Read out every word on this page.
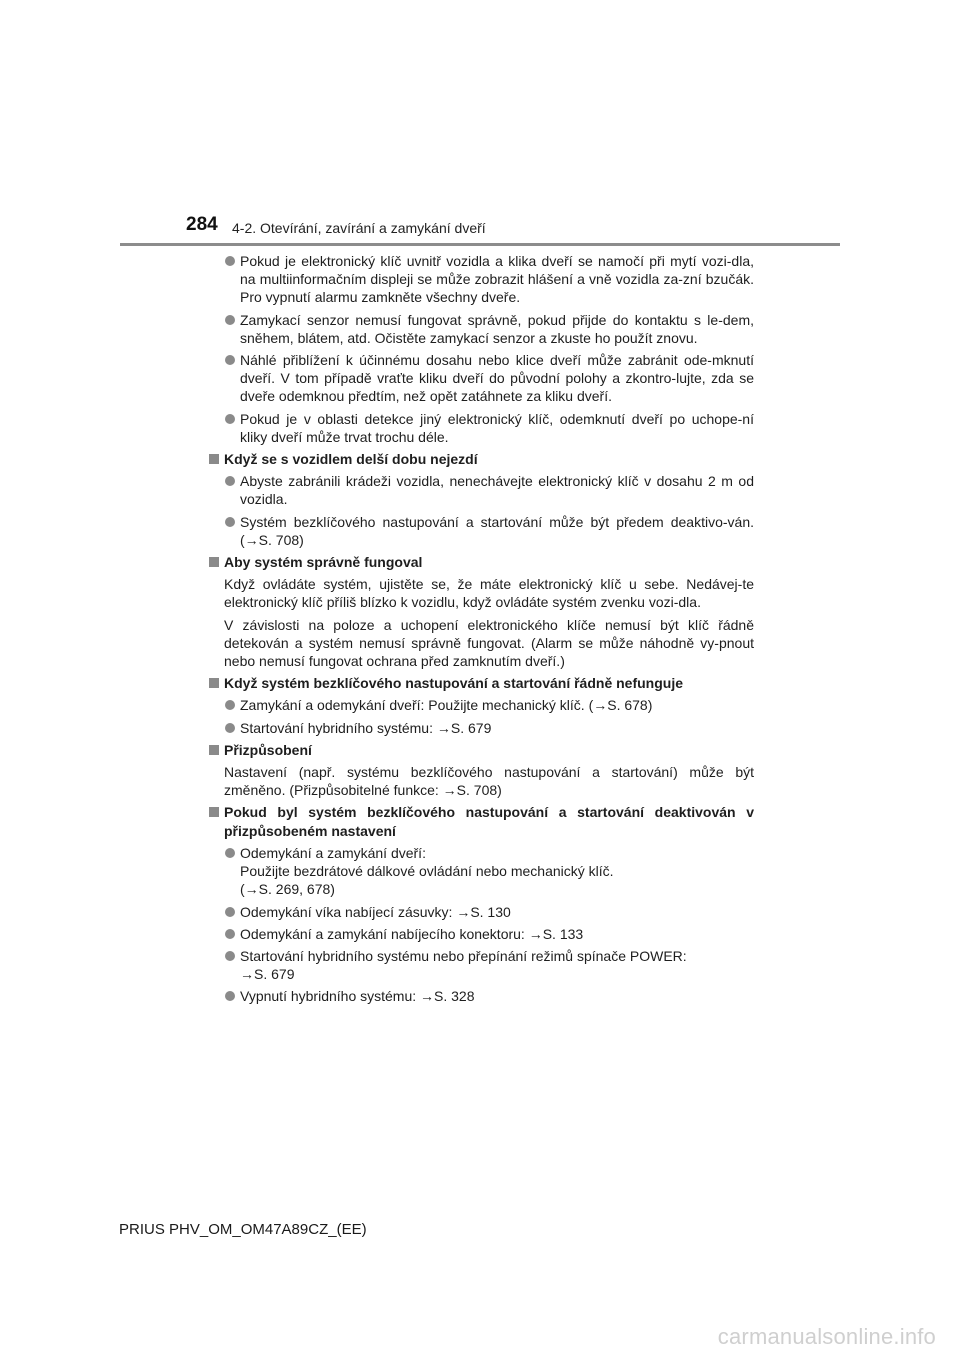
284 4-2. Otevírání, zavírání a zamykání dveří
Pokud je elektronický klíč uvnitř vozidla a klika dveří se namočí při mytí vozi-dla, na multiinformačním displeji se může zobrazit hlášení a vně vozidla za-zní bzučák. Pro vypnutí alarmu zamkněte všechny dveře.
Zamykací senzor nemusí fungovat správně, pokud přijde do kontaktu s le-dem, sněhem, blátem, atd. Očistěte zamykací senzor a zkuste ho použít znovu.
Náhlé přiblížení k účinnému dosahu nebo klice dveří může zabránit ode-mknutí dveří. V tom případě vraťte kliku dveří do původní polohy a zkontro-lujte, zda se dveře odemknou předtím, než opět zatáhnete za kliku dveří.
Pokud je v oblasti detekce jiný elektronický klíč, odemknutí dveří po uchope-ní kliky dveří může trvat trochu déle.
Když se s vozidlem delší dobu nejezdí
Abyste zabránili krádeži vozidla, nenechávejte elektronický klíč v dosahu 2 m od vozidla.
Systém bezklíčového nastupování a startování může být předem deaktivo-ván. (→S. 708)
Aby systém správně fungoval
Když ovládáte systém, ujistěte se, že máte elektronický klíč u sebe. Nedávej-te elektronický klíč příliš blízko k vozidlu, když ovládáte systém zvenku vozi-dla.
V závislosti na poloze a uchopení elektronického klíče nemusí být klíč řádně detekován a systém nemusí správně fungovat. (Alarm se může náhodně vy-pnout nebo nemusí fungovat ochrana před zamknutím dveří.)
Když systém bezklíčového nastupování a startování řádně nefunguje
Zamykání a odemykání dveří: Použijte mechanický klíč. (→S. 678)
Startování hybridního systému: →S. 679
Přizpůsobení
Nastavení (např. systému bezklíčového nastupování a startování) může být změněno. (Přizpůsobitelné funkce: →S. 708)
Pokud byl systém bezklíčového nastupování a startování deaktivován v přizpůsobeném nastavení
Odemykání a zamykání dveří:
Použijte bezdrátové dálkové ovládání nebo mechanický klíč.
(→S. 269, 678)
Odemykání víka nabíjecí zásuvky: →S. 130
Odemykání a zamykání nabíjecího konektoru: →S. 133
Startování hybridního systému nebo přepínání režimů spínače POWER:
→S. 679
Vypnutí hybridního systému: →S. 328
PRIUS PHV_OM_OM47A89CZ_(EE)
carmanualsonline.info
